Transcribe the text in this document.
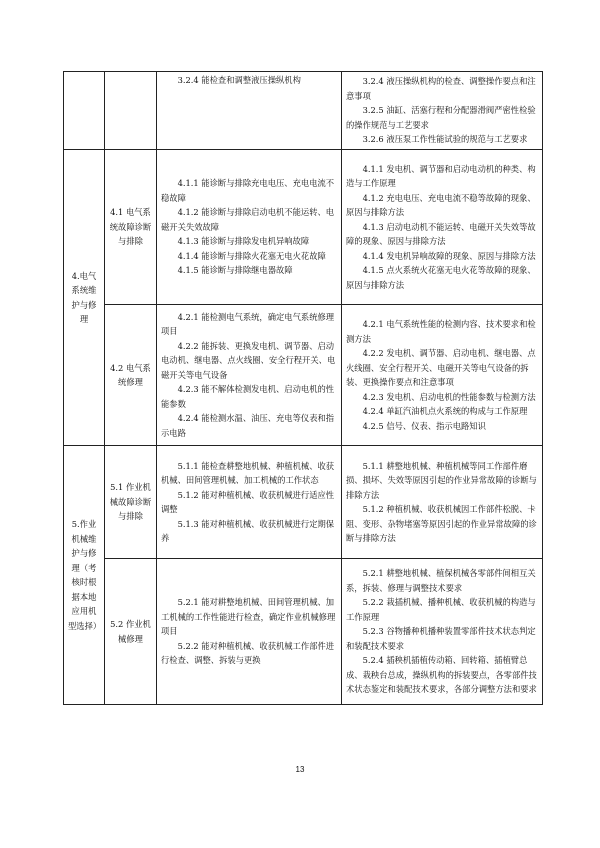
		3.2.4 能检查和调整液压操纵机构	3.2.4 液压操纵机构的检查、调整操作要点和注意事项
3.2.5 油缸、活塞行程和分配器滑阀严密性检验的操作规范与工艺要求
3.2.6 液压泵工作性能试验的规范与工艺要求

4.电气系统维护与修理	4.1 电气系统故障诊断与排除	4.1.1 能诊断与排除充电电压、充电电流不稳故障
4.1.2 能诊断与排除启动电机不能运转、电磁开关失效故障
4.1.3 能诊断与排除发电机异响故障
4.1.4 能诊断与排除火花塞无电火花故障
4.1.5 能诊断与排除继电器故障	4.1.1 发电机、调节器和启动电动机的种类、构造与工作原理
4.1.2 充电电压、充电电流不稳等故障的现象、原因与排除方法
4.1.3 启动电动机不能运转、电磁开关失效等故障的现象、原因与排除方法
4.1.4 发电机异响故障的现象、原因与排除方法
4.1.5 点火系统火花塞无电火花等故障的现象、原因与排除方法

	4.2 电气系统修理	4.2.1 能检测电气系统，确定电气系统修理项目
4.2.2 能拆装、更换发电机、调节器、启动电动机、继电器、点火线圈、安全行程开关、电磁开关等电气设备
4.2.3 能不解体检测发电机、启动电机的性能参数
4.2.4 能检测水温、油压、充电等仪表和指示电路	4.2.1 电气系统性能的检测内容、技术要求和检测方法
4.2.2 发电机、调节器、启动电机、继电器、点火线圈、安全行程开关、电磁开关等电气设备的拆装、更换操作要点和注意事项
4.2.3 发电机、启动电机的性能参数与检测方法
4.2.4 单缸汽油机点火系统的构成与工作原理
4.2.5 信号、仪表、指示电路知识

5.作业机械维护与修理（考核时根据本地应用机型选择）	5.1 作业机械故障诊断与排除	5.1.1 能检查耕整地机械、种植机械、收获机械、田间管理机械、加工机械的工作状态
5.1.2 能对种植机械、收获机械进行适应性调整
5.1.3 能对种植机械、收获机械进行定期保养	5.1.1 耕整地机械、种植机械等同工作部件磨损、损坏、失效等原因引起的作业异常故障的诊断与排除方法
5.1.2 种植机械、收获机械因工作部件松脱、卡阻、变形、杂物堵塞等原因引起的作业异常故障的诊断与排除方法

	5.2 作业机械修理	5.2.1 能对耕整地机械、田间管理机械、加工机械的工作性能进行检查，确定作业机械修理项目
5.2.2 能对种植机械、收获机械工作部件进行检查、调整、拆装与更换	5.2.1 耕整地机械、植保机械各零部件间相互关系，拆装、修理与调整技术要求
5.2.2 栽插机械、播种机械、收获机械的构造与工作原理
5.2.3 谷物播种机播种装置零部件技术状态判定和装配技术要求
5.2.4 插秧机插植传动箱、回转箱、插植臂总成、栽秧台总成，操纵机构的拆装要点，各零部件技术状态鉴定和装配技术要求，各部分调整方法和要求
13
